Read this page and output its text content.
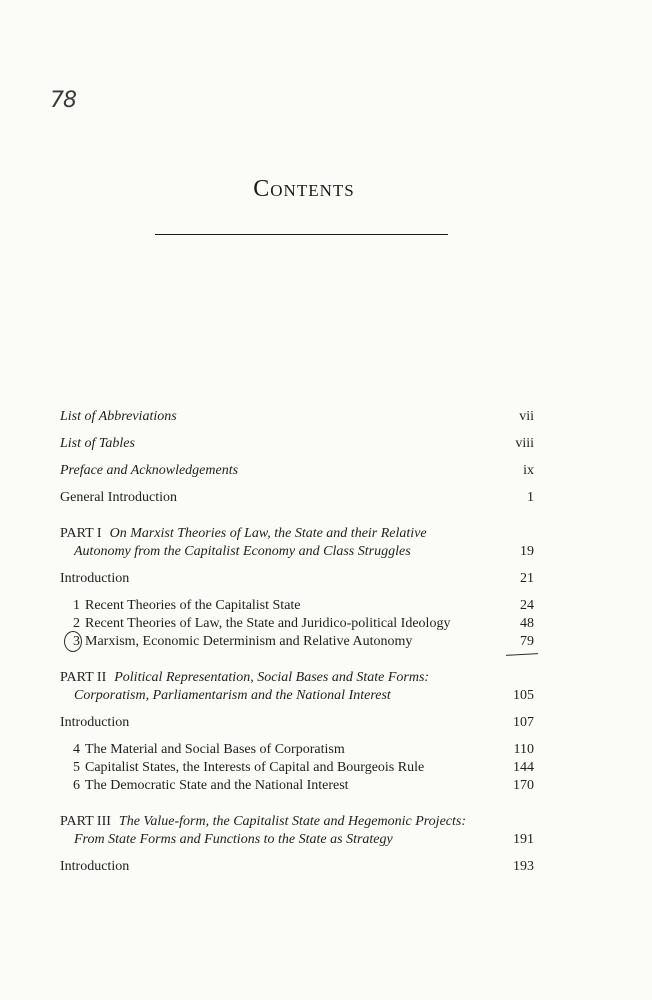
78
Contents
List of Abbreviations	vii
List of Tables	viii
Preface and Acknowledgements	ix
General Introduction	1
PART I On Marxist Theories of Law, the State and their Relative
Autonomy from the Capitalist Economy and Class Struggles	19
Introduction	21
1 Recent Theories of the Capitalist State	24
2 Recent Theories of Law, the State and Juridico-political Ideology	48
3 Marxism, Economic Determinism and Relative Autonomy	79
PART II Political Representation, Social Bases and State Forms:
Corporatism, Parliamentarism and the National Interest	105
Introduction	107
4 The Material and Social Bases of Corporatism	110
5 Capitalist States, the Interests of Capital and Bourgeois Rule	144
6 The Democratic State and the National Interest	170
PART III The Value-form, the Capitalist State and Hegemonic Projects:
From State Forms and Functions to the State as Strategy	191
Introduction	193
